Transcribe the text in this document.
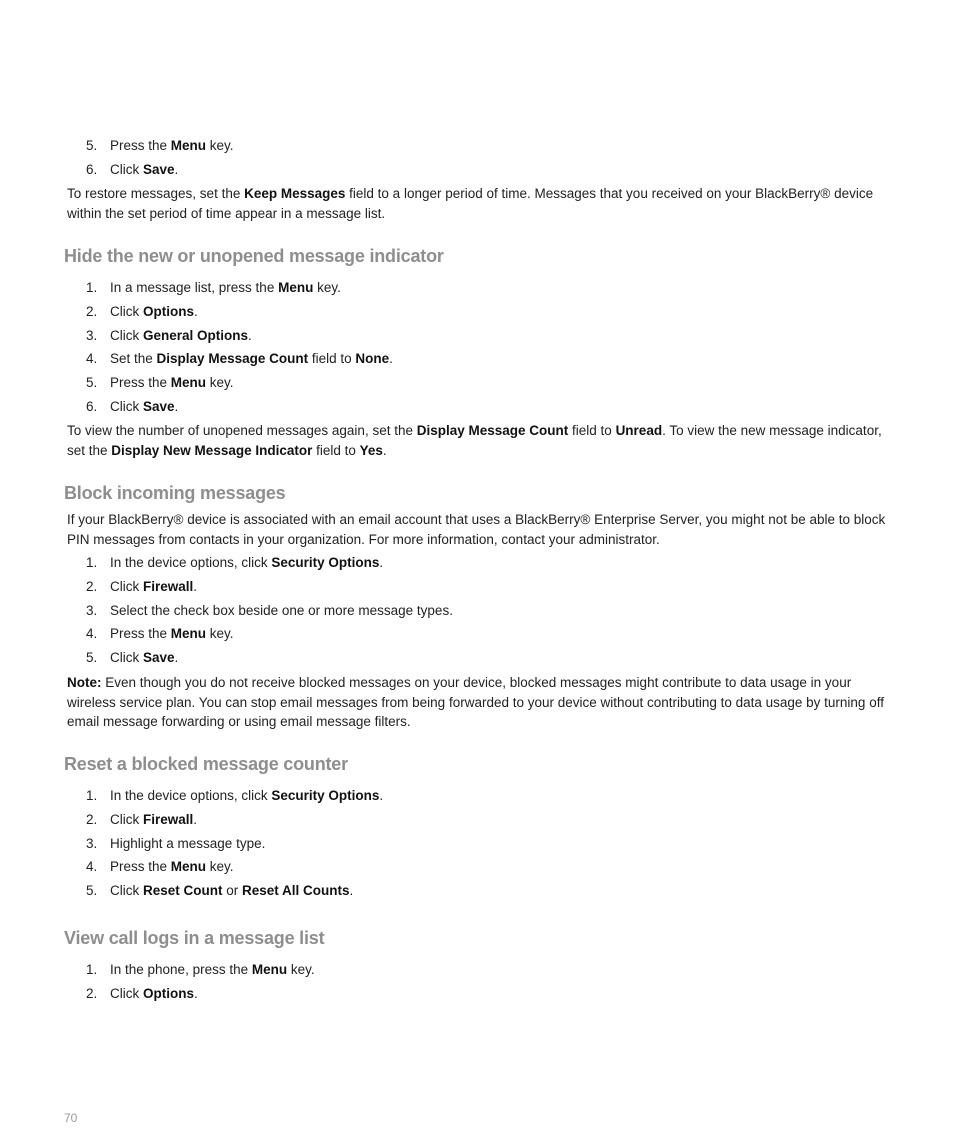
5. Press the Menu key.
6. Click Save.

To restore messages, set the Keep Messages field to a longer period of time. Messages that you received on your BlackBerry® device within the set period of time appear in a message list.

Hide the new or unopened message indicator
1. In a message list, press the Menu key.
2. Click Options.
3. Click General Options.
4. Set the Display Message Count field to None.
5. Press the Menu key.
6. Click Save.

To view the number of unopened messages again, set the Display Message Count field to Unread. To view the new message indicator, set the Display New Message Indicator field to Yes.

Block incoming messages

If your BlackBerry® device is associated with an email account that uses a BlackBerry® Enterprise Server, you might not be able to block PIN messages from contacts in your organization. For more information, contact your administrator.

1. In the device options, click Security Options.
2. Click Firewall.
3. Select the check box beside one or more message types.
4. Press the Menu key.
5. Click Save.

Note: Even though you do not receive blocked messages on your device, blocked messages might contribute to data usage in your wireless service plan. You can stop email messages from being forwarded to your device without contributing to data usage by turning off email message forwarding or using email message filters.

Reset a blocked message counter
1. In the device options, click Security Options.
2. Click Firewall.
3. Highlight a message type.
4. Press the Menu key.
5. Click Reset Count or Reset All Counts.
View call logs in a message list
1. In the phone, press the Menu key.
2. Click Options.
70
